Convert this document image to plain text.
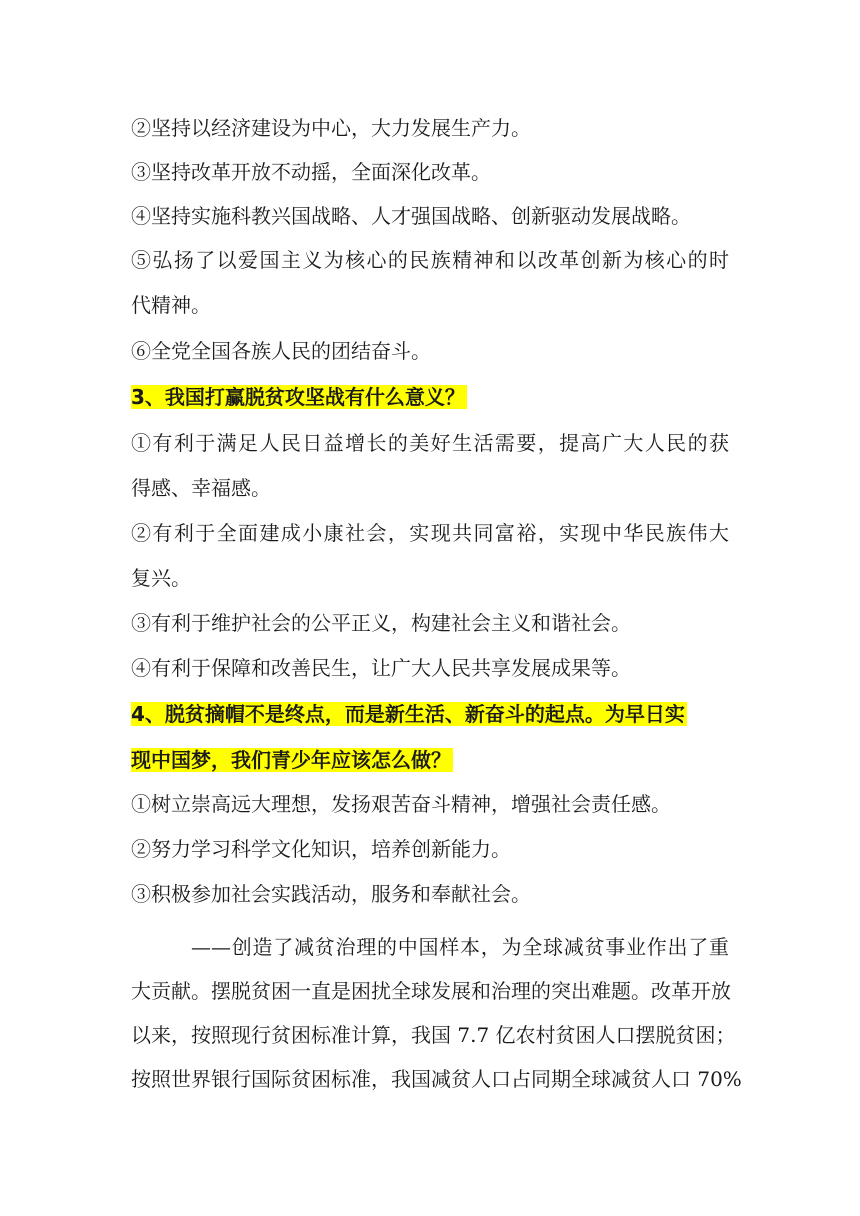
②坚持以经济建设为中心，大力发展生产力。
③坚持改革开放不动摇，全面深化改革。
④坚持实施科教兴国战略、人才强国战略、创新驱动发展战略。
⑤弘扬了以爱国主义为核心的民族精神和以改革创新为核心的时
代精神。
⑥全党全国各族人民的团结奋斗。
3、我国打赢脱贫攻坚战有什么意义？
①有利于满足人民日益增长的美好生活需要，提高广大人民的获
得感、幸福感。
②有利于全面建成小康社会，实现共同富裕，实现中华民族伟大
复兴。
③有利于维护社会的公平正义，构建社会主义和谐社会。
④有利于保障和改善民生，让广大人民共享发展成果等。
4、脱贫摘帽不是终点，而是新生活、新奋斗的起点。为早日实
现中国梦，我们青少年应该怎么做？
①树立崇高远大理想，发扬艰苦奋斗精神，增强社会责任感。
②努力学习科学文化知识，培养创新能力。
③积极参加社会实践活动，服务和奉献社会。
——创造了减贫治理的中国样本，为全球减贫事业作出了重
大贡献。摆脱贫困一直是困扰全球发展和治理的突出难题。改革开放
以来，按照现行贫困标准计算，我国 7.7 亿农村贫困人口摆脱贫困；
按照世界银行国际贫困标准，我国减贫人口占同期全球减贫人口 70%
